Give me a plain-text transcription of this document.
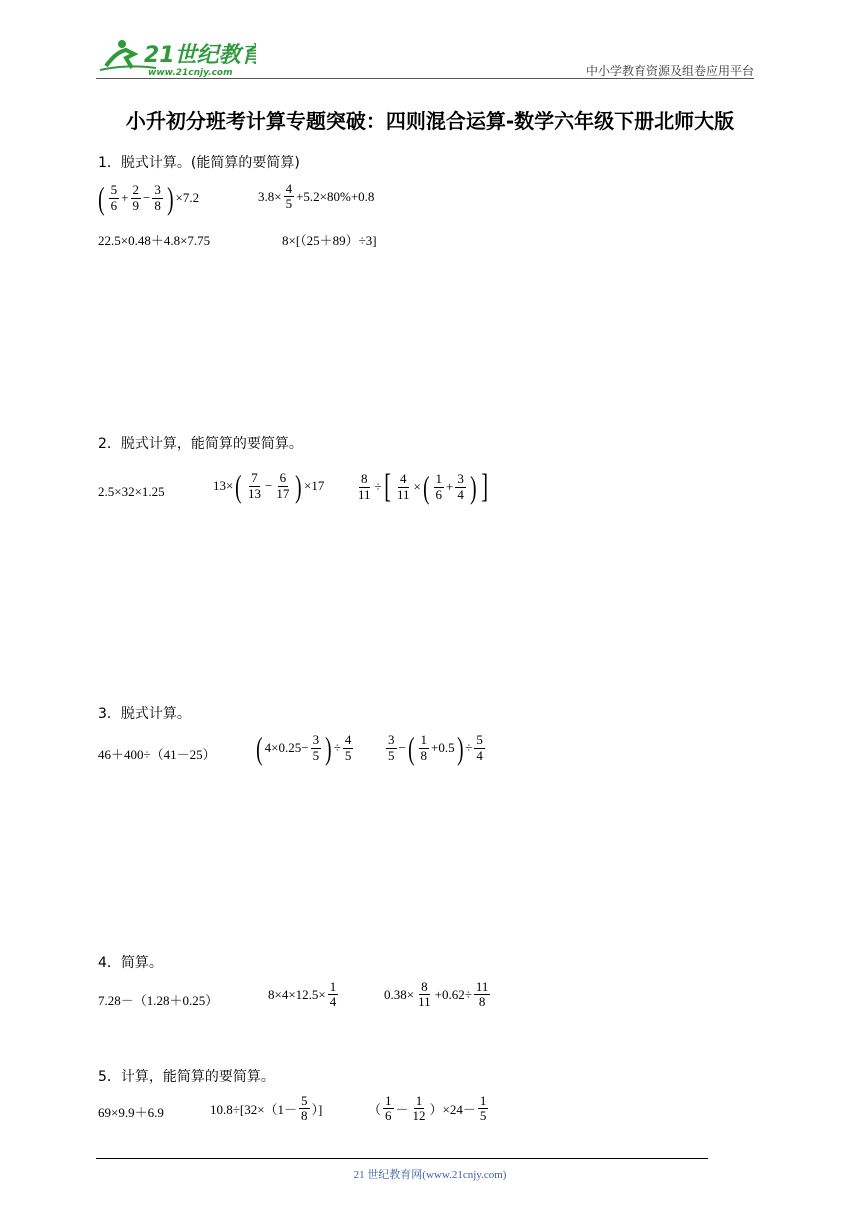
21世纪教育
www.21cnjy.com	中小学教育资源及组卷应用平台
小升初分班考计算专题突破：四则混合运算-数学六年级下册北师大版
1．脱式计算。(能简算的要简算)
( $\frac{5}{6} + \frac{2}{9} - \frac{3}{8}$ ) ×7.2	$3.8\times \frac{4}{5} +5.2\times 80\%+0.8$
22.5×0.48＋4.8×7.75	8×[（25＋89）÷3]
2．脱式计算，能简算的要简算。
2.5×32×1.25	13× ( $\frac{7}{13} - \frac{6}{17}$ ) $\times 17 \frac{8}{11}$ ÷ [ $\frac{4}{11}$ × ( $\frac{1}{6} + \frac{3}{4}$ ) ]
3．脱式计算。
46＋400÷（41－25） ( $4\times 0.25- \frac{3}{5}$ ) ÷ $\frac{4}{5}$	$\frac{3}{5}$ − ( $\frac{1}{8} +0.5$ ) ÷ $\frac{5}{4}$
4．简算。
7.28－（1.28＋0.25）	$8\times 4\times 12.5\times \frac{1}{4}$	$0.38\times \frac{8}{11} +0.62\div \frac{11}{8}$
5．计算，能简算的要简算。
69×9.9＋6.9	$10.8\div[32\times(1- \frac{5}{8}$ ）]	（ $\frac{1}{6} - \frac{1}{12} )\times 24- \frac{1}{5}$
21 世纪教育网(www.21cnjy.com)
